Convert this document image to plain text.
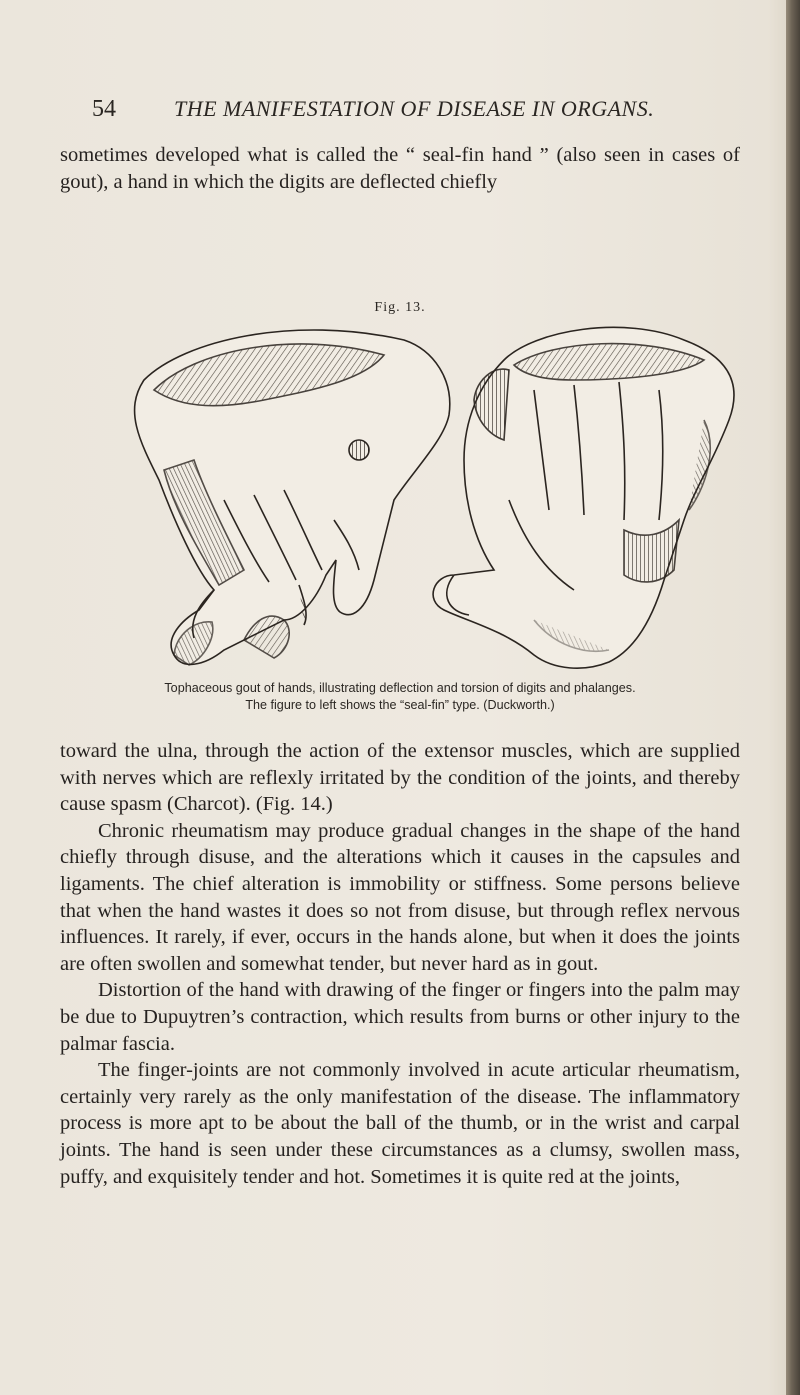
54	THE MANIFESTATION OF DISEASE IN ORGANS.

sometimes developed what is called the “ seal-fin hand ” (also seen in cases of gout), a hand in which the digits are deflected chiefly

Fig. 13.
Tophaceous gout of hands, illustrating deflection and torsion of digits and phalanges.
The figure to left shows the “seal-fin” type. (Duckworth.)

toward the ulna, through the action of the extensor muscles, which are supplied with nerves which are reflexly irritated by the condition of the joints, and thereby cause spasm (Charcot). (Fig. 14.)

Chronic rheumatism may produce gradual changes in the shape of the hand chiefly through disuse, and the alterations which it causes in the capsules and ligaments. The chief alteration is immobility or stiffness. Some persons believe that when the hand wastes it does so not from disuse, but through reflex nervous influences. It rarely, if ever, occurs in the hands alone, but when it does the joints are often swollen and somewhat tender, but never hard as in gout.

Distortion of the hand with drawing of the finger or fingers into the palm may be due to Dupuytren’s contraction, which results from burns or other injury to the palmar fascia.

The finger-joints are not commonly involved in acute articular rheumatism, certainly very rarely as the only manifestation of the disease. The inflammatory process is more apt to be about the ball of the thumb, or in the wrist and carpal joints. The hand is seen under these circumstances as a clumsy, swollen mass, puffy, and exquisitely tender and hot. Sometimes it is quite red at the joints,
